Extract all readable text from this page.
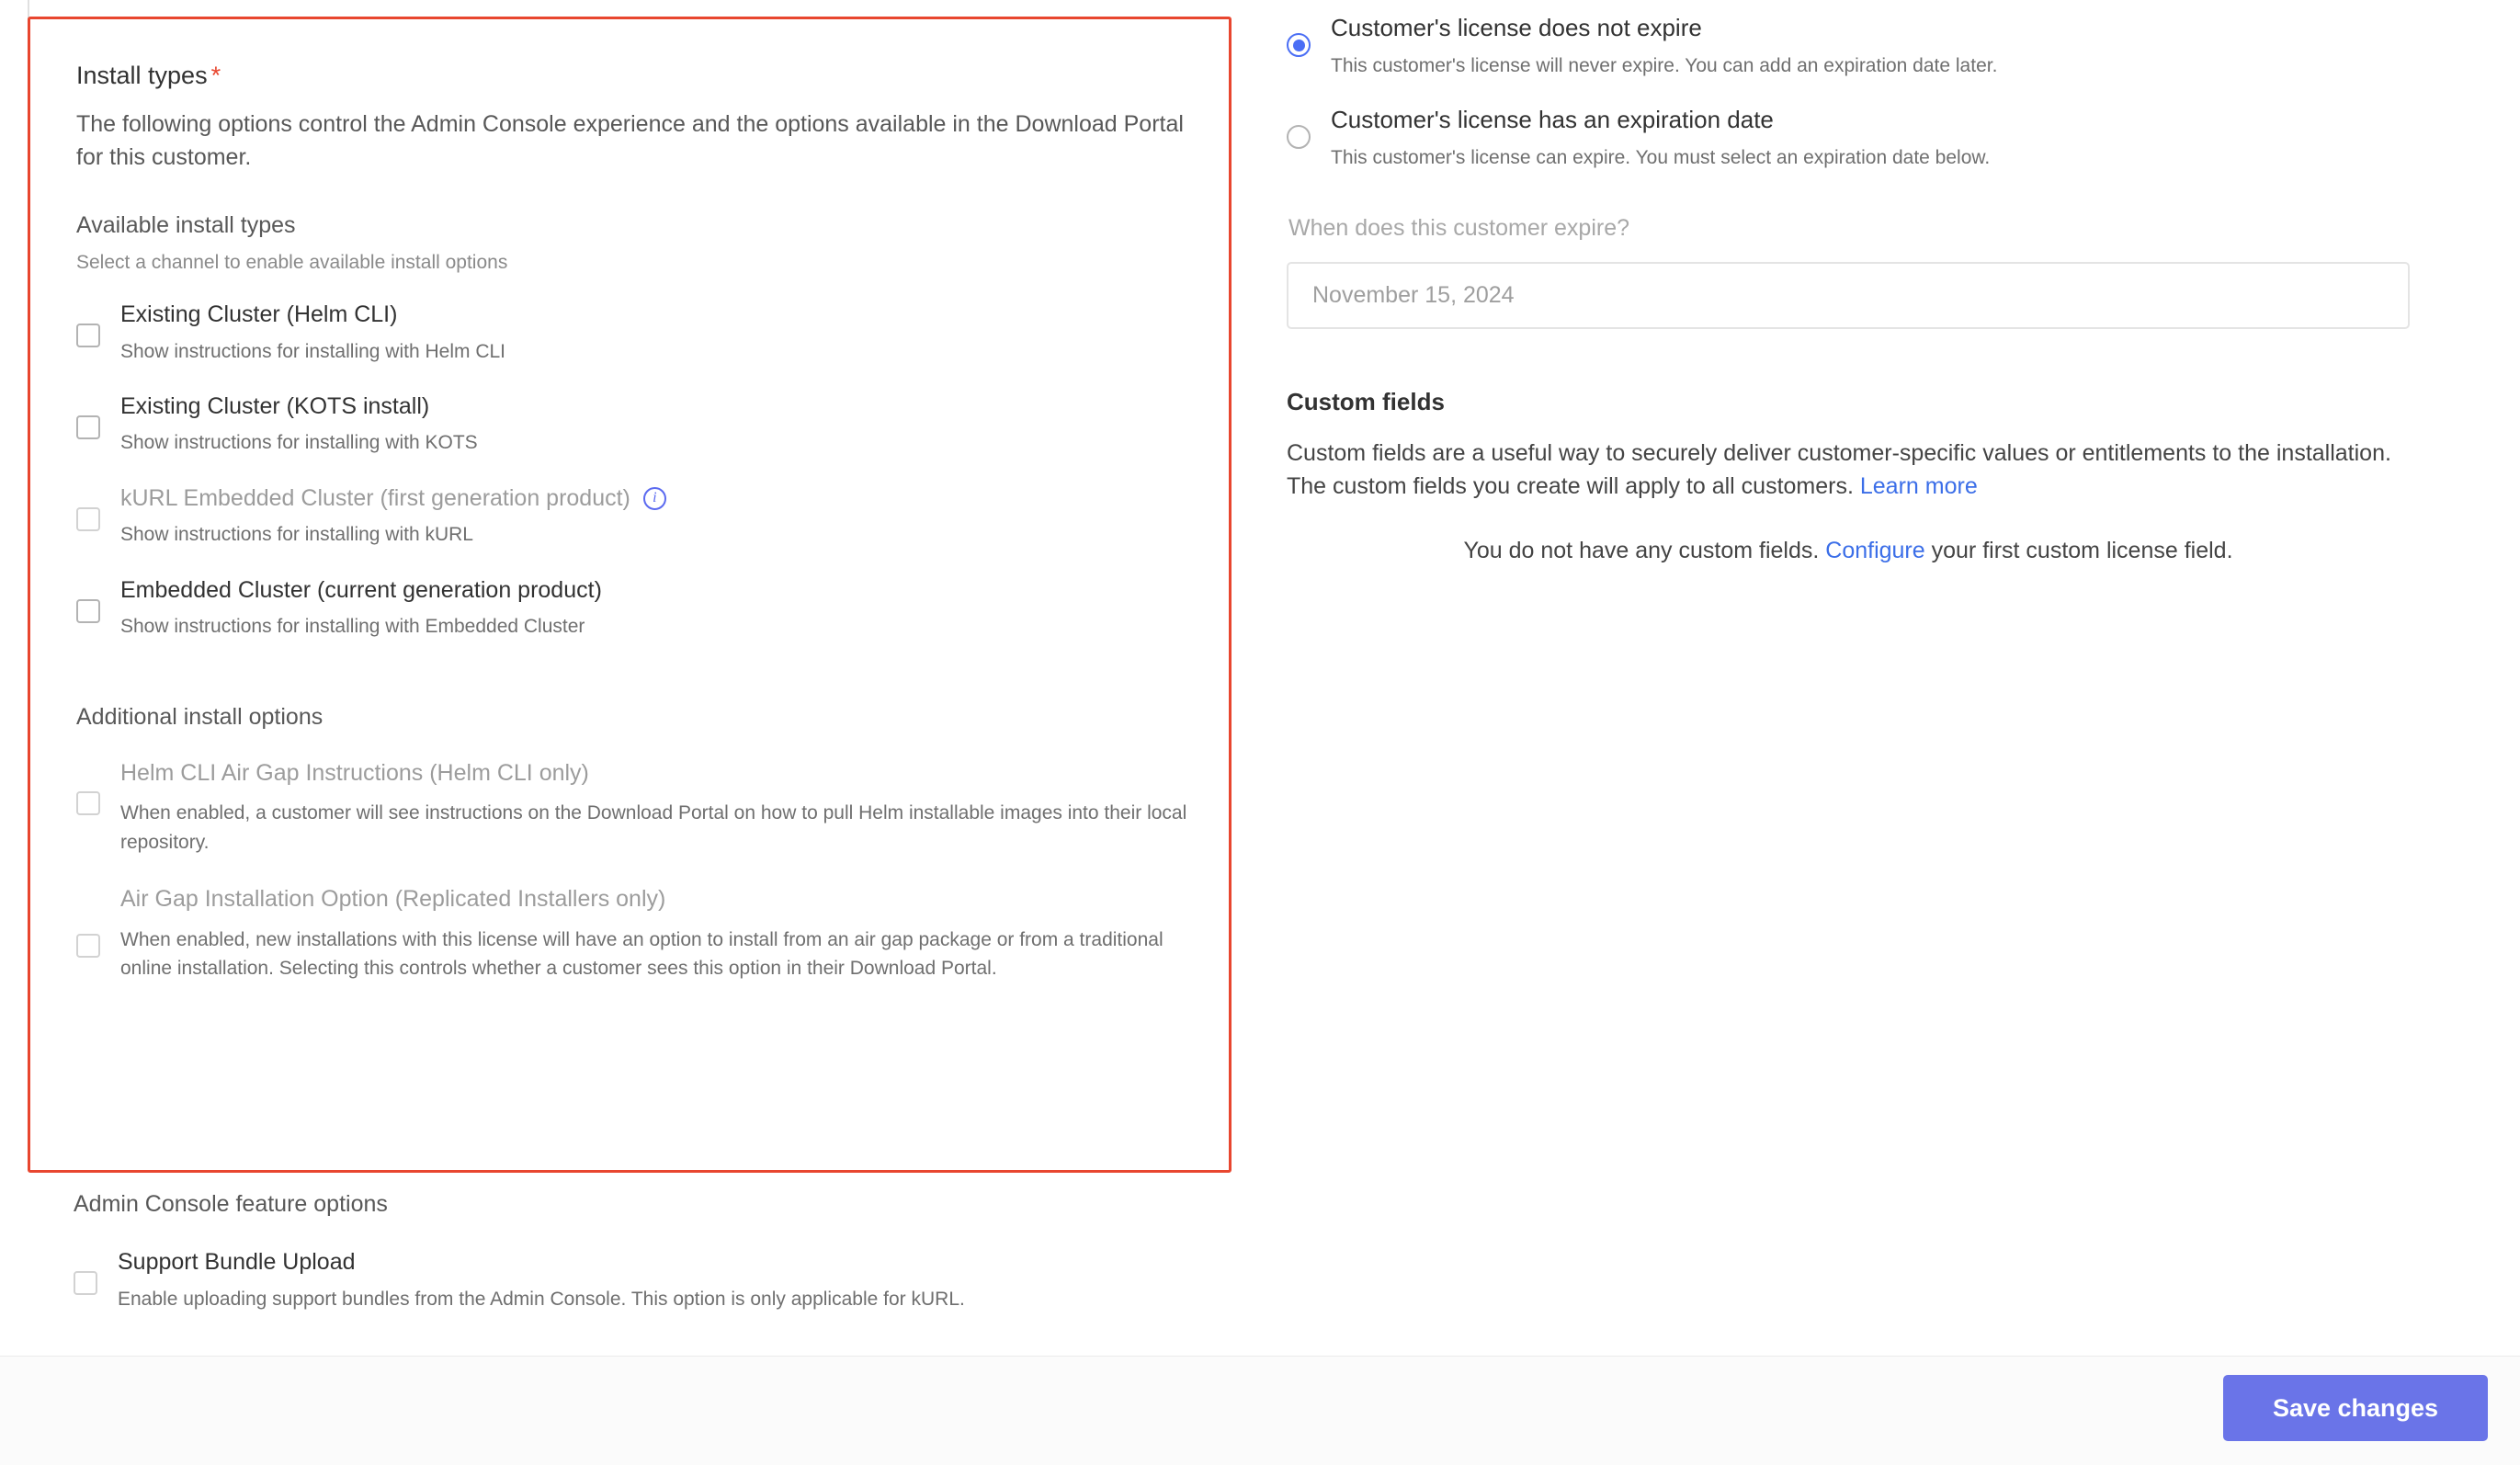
Install types *
The following options control the Admin Console experience and the options available in the Download Portal for this customer.
Available install types
Select a channel to enable available install options
Existing Cluster (Helm CLI)
Show instructions for installing with Helm CLI
Existing Cluster (KOTS install)
Show instructions for installing with KOTS
kURL Embedded Cluster (first generation product)	i
Show instructions for installing with kURL
Embedded Cluster (current generation product)
Show instructions for installing with Embedded Cluster
Additional install options
Helm CLI Air Gap Instructions (Helm CLI only)
When enabled, a customer will see instructions on the Download Portal on how to pull Helm installable images into their local repository.
Air Gap Installation Option (Replicated Installers only)
When enabled, new installations with this license will have an option to install from an air gap package or from a traditional online installation. Selecting this controls whether a customer sees this option in their Download Portal.
Admin Console feature options
Support Bundle Upload
Enable uploading support bundles from the Admin Console. This option is only applicable for kURL.
Customer's license does not expire
This customer's license will never expire. You can add an expiration date later.
Customer's license has an expiration date
This customer's license can expire. You must select an expiration date below.
When does this customer expire?
November 15, 2024
Custom fields
Custom fields are a useful way to securely deliver customer-specific values or entitlements to the installation. The custom fields you create will apply to all customers. Learn more
You do not have any custom fields. Configure your first custom license field.
Save changes
